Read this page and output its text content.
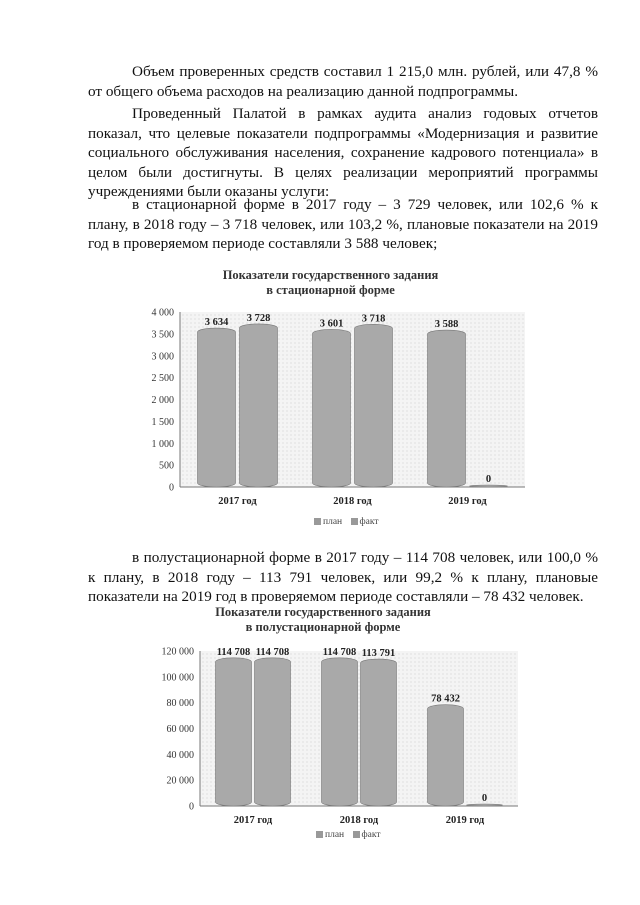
Объем проверенных средств составил 1 215,0 млн. рублей, или 47,8 % от общего объема расходов на реализацию данной подпрограммы.

Проведенный Палатой в рамках аудита анализ годовых отчетов показал, что целевые показатели подпрограммы «Модернизация и развитие социального обслуживания населения, сохранение кадрового потенциала» в целом были достигнуты. В целях реализации мероприятий программы учреждениями были оказаны услуги:

в стационарной форме в 2017 году – 3 729 человек, или 102,6 % к плану, в 2018 году – 3 718 человек, или 103,2 %, плановые показатели на 2019 год в проверяемом периоде составляли 3 588 человек;

Показатели государственного задания
в стационарной форме
0
500
1 000
1 500
2 000
2 500
3 000
3 500
4 000
3 634 3 728
2017 год
3 601 3 718
2018 год
3 588
0
2019 год
план факт

в полустационарной форме в 2017 году – 114 708 человек, или 100,0 % к плану, в 2018 году – 113 791 человек, или 99,2 % к плану, плановые показатели на 2019 год в проверяемом периоде составляли – 78 432 человек.

Показатели государственного задания
в полустационарной форме
0
20 000
40 000
60 000
80 000
100 000
120 000 114 708 114 708
2017 год
114 708 113 791
2018 год
78 432
0
2019 год
план факт
